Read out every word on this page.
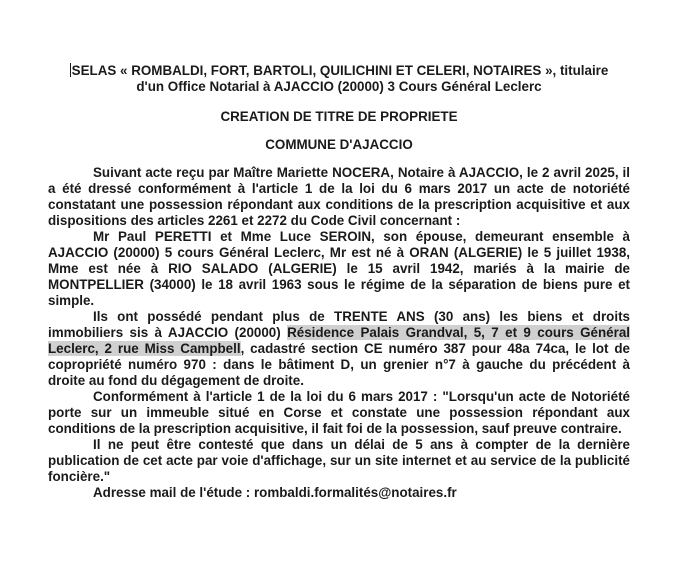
SELAS « ROMBALDI, FORT, BARTOLI, QUILICHINI ET CELERI, NOTAIRES », titulaire

d'un Office Notarial à AJACCIO (20000) 3 Cours Général Leclerc

CREATION DE TITRE DE PROPRIETE
COMMUNE D'AJACCIO

Suivant acte reçu par Maître Mariette NOCERA, Notaire à AJACCIO, le 2 avril 2025, il a été dressé conformément à l'article 1 de la loi du 6 mars 2017 un acte de notoriété constatant une possession répondant aux conditions de la prescription acquisitive et aux dispositions des articles 2261 et 2272 du Code Civil concernant :

Mr Paul PERETTI et Mme Luce SEROIN, son épouse, demeurant ensemble à AJACCIO (20000) 5 cours Général Leclerc, Mr est né à ORAN (ALGERIE) le 5 juillet 1938, Mme est née à RIO SALADO (ALGERIE) le 15 avril 1942, mariés à la mairie de MONTPELLIER (34000) le 18 avril 1963 sous le régime de la séparation de biens pure et simple.

Ils ont possédé pendant plus de TRENTE ANS (30 ans) les biens et droits immobiliers sis à AJACCIO (20000) Résidence Palais Grandval, 5, 7 et 9 cours Général Leclerc, 2 rue Miss Campbell, cadastré section CE numéro 387 pour 48a 74ca, le lot de copropriété numéro 970 : dans le bâtiment D, un grenier n°7 à gauche du précédent à droite au fond du dégagement de droite.

Conformément à l'article 1 de la loi du 6 mars 2017 : "Lorsqu'un acte de Notoriété porte sur un immeuble situé en Corse et constate une possession répondant aux conditions de la prescription acquisitive, il fait foi de la possession, sauf preuve contraire.

Il ne peut être contesté que dans un délai de 5 ans à compter de la dernière publication de cet acte par voie d'affichage, sur un site internet et au service de la publicité foncière."

Adresse mail de l'étude : rombaldi.formalités@notaires.fr
